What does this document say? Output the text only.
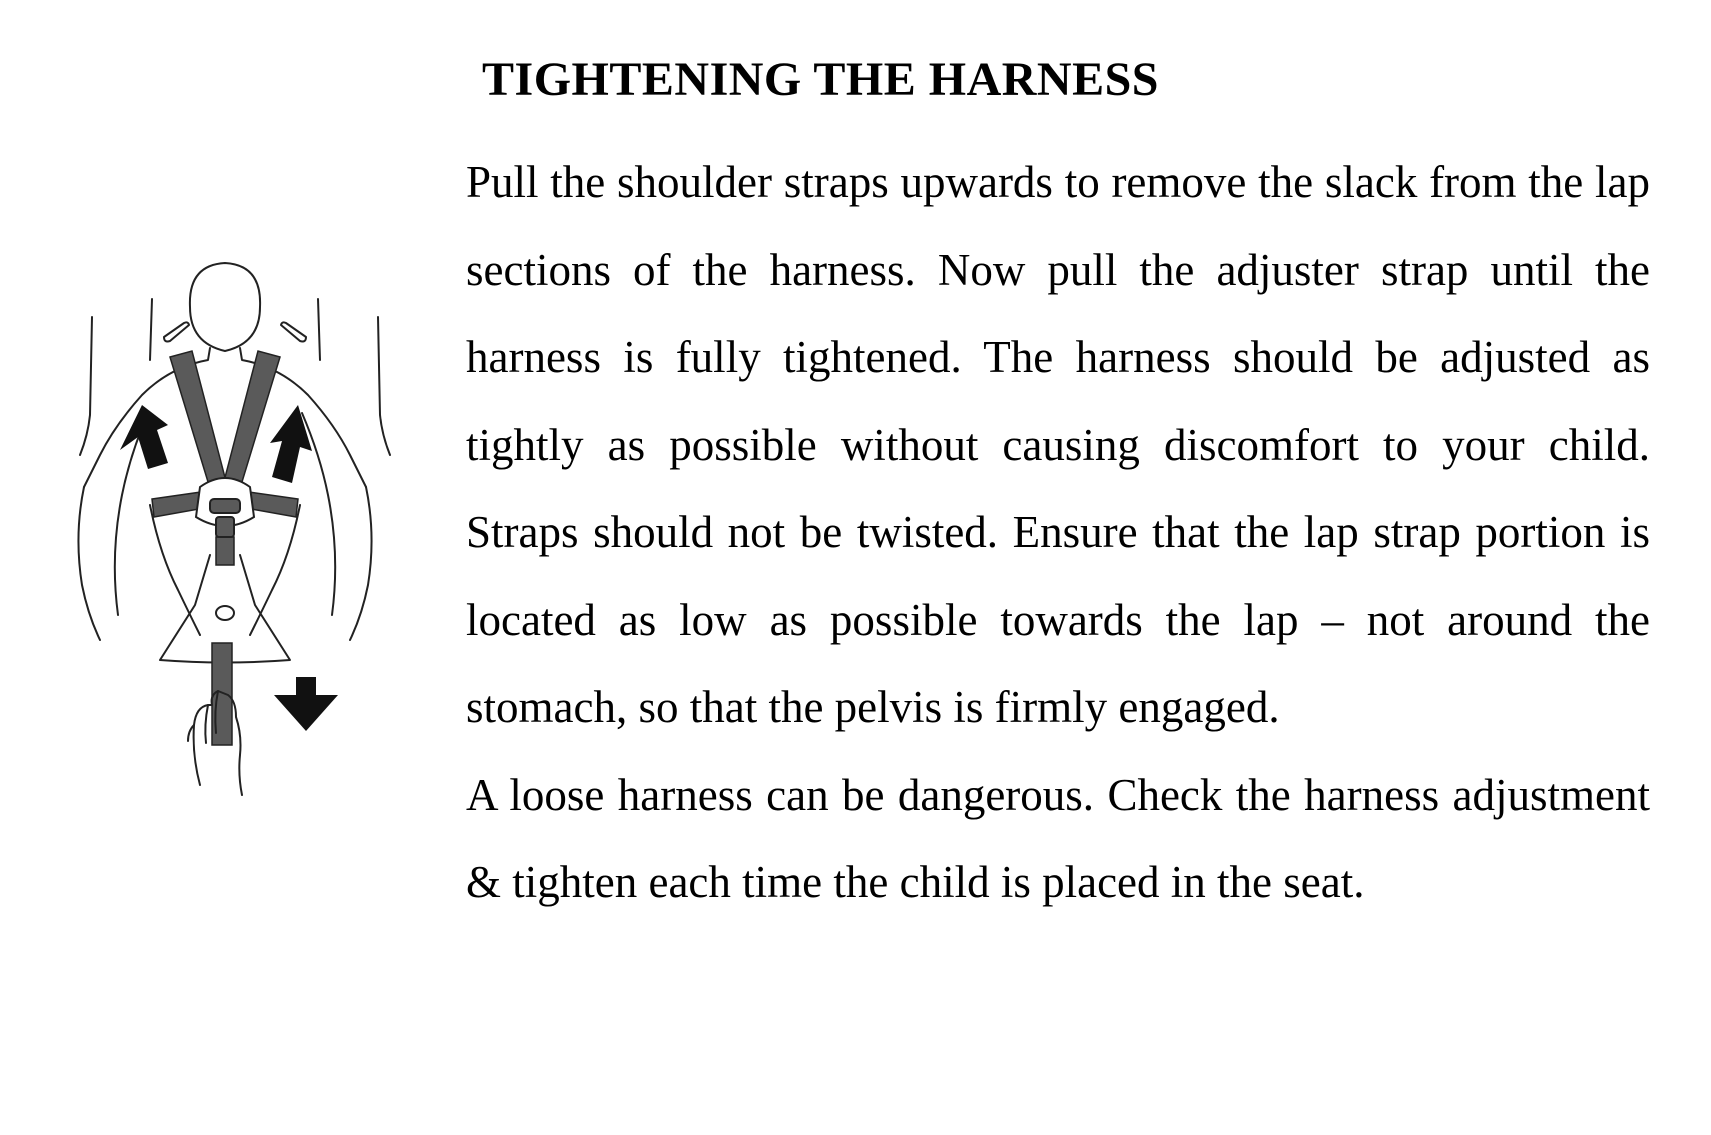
TIGHTENING THE HARNESS

Pull the shoulder straps upwards to remove the slack from the lap sections of the harness. Now pull the adjuster strap until the harness is fully tightened. The harness should be adjusted as tightly as possible without causing discomfort to your child. Straps should not be twisted. Ensure that the lap strap portion is located as low as possible towards the lap – not around the stomach, so that the pelvis is firmly engaged.

A loose harness can be dangerous. Check the harness adjustment & tighten each time the child is placed in the seat.
